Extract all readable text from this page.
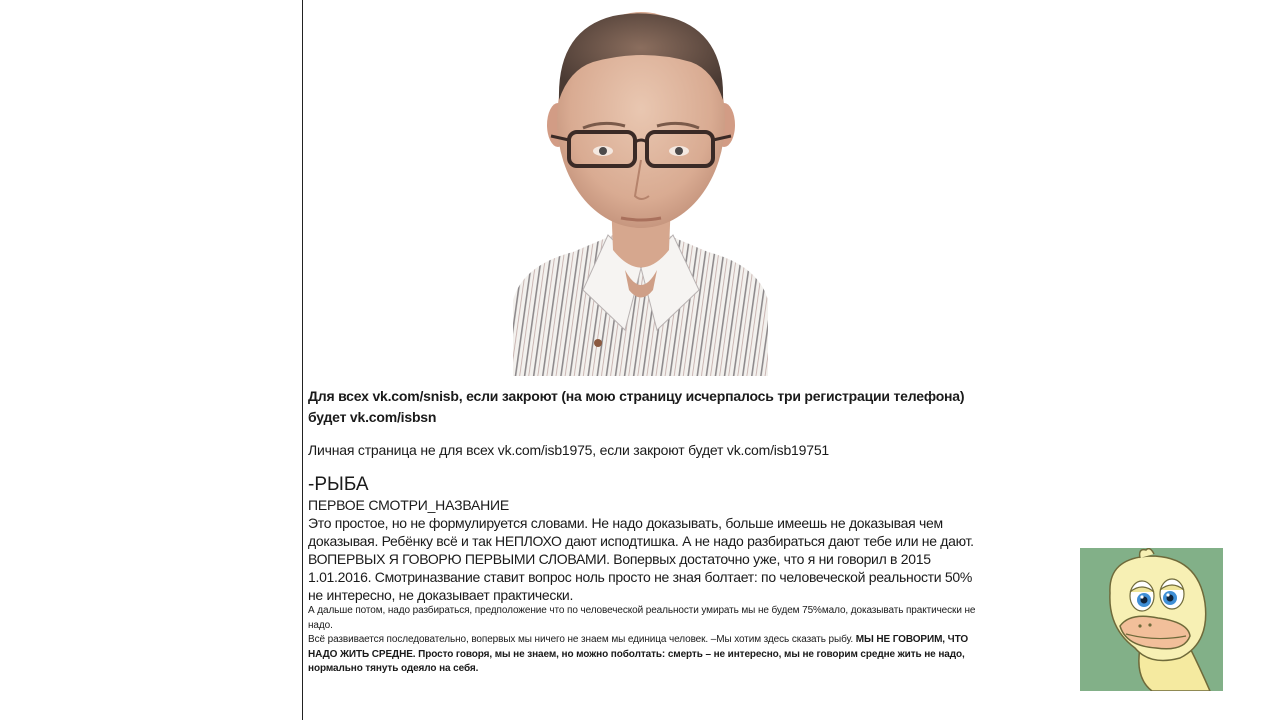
Для всех vk.com/snisb, если закроют (на мою страницу исчерпалось три регистрации телефона) будет vk.com/isbsn

Личная страница не для всех vk.com/isb1975, если закроют будет vk.com/isb19751

-РЫБА

ПЕРВОЕ СМОТРИ_НАЗВАНИЕ

Это простое, но не формулируется словами. Не надо доказывать, больше имеешь не доказывая чем доказывая. Ребёнку всё и так НЕПЛОХО дают исподтишка. А не надо разбираться дают тебе или не дают.

ВОПЕРВЫХ Я ГОВОРЮ ПЕРВЫМИ СЛОВАМИ. Вопервых достаточно уже, что я ни говорил в 2015 1.01.2016. Смотриназвание ставит вопрос ноль просто не зная болтает: по человеческой реальности 50% не интересно, не доказывает практически.

А дальше потом, надо разбираться, предположение что по человеческой реальности умирать мы не будем 75%мало, доказывать практически не надо.

Всё развивается последовательно, вопервых мы ничего не знаем мы единица человек. –Мы хотим здесь сказать рыбу. МЫ НЕ ГОВОРИМ, ЧТО НАДО ЖИТЬ СРЕДНЕ. Просто говоря, мы не знаем, но можно поболтать: смерть – не интересно, мы не говорим средне жить не надо, нормально тянуть одеяло на себя.
